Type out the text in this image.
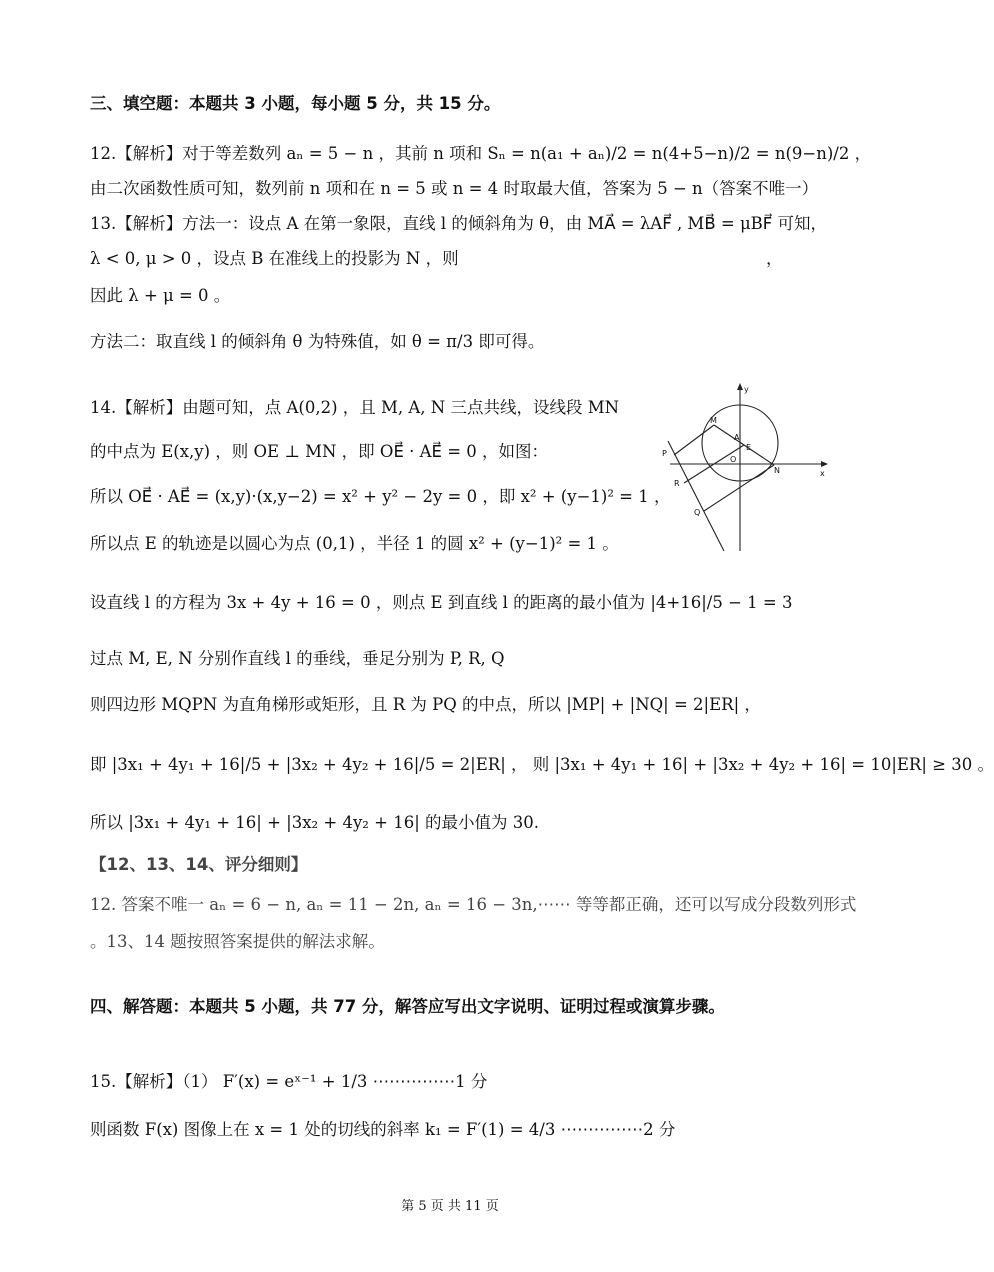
三、填空题：本题共 3 小题，每小题 5 分，共 15 分。
12.【解析】对于等差数列 aₙ = 5 − n ，其前 n 项和 Sₙ = n(a₁ + aₙ)/2 = n(4+5−n)/2 = n(9−n)/2 ，
由二次函数性质可知，数列前 n 项和在 n = 5 或 n = 4 时取最大值，答案为 5 − n（答案不唯一）
13.【解析】方法一：设点 A 在第一象限，直线 l 的倾斜角为 θ，由 MA⃗ = λAF⃗ , MB⃗ = μBF⃗ 可知，
λ < 0, μ > 0 ，设点 B 在准线上的投影为 N ，则	，
因此 λ + μ = 0 。
方法二：取直线 l 的倾斜角 θ 为特殊值，如 θ = π/3 即可得。
14.【解析】由题可知，点 A(0,2) ，且 M, A, N 三点共线，设线段 MN
的中点为 E(x,y) ，则 OE ⊥ MN ，即 OE⃗ · AE⃗ = 0 ，如图：
所以 OE⃗ · AE⃗ = (x,y)·(x,y−2) = x² + y² − 2y = 0 ，即 x² + (y−1)² = 1 ，
所以点 E 的轨迹是以圆心为点 (0,1) ，半径 1 的圆 x² + (y−1)² = 1 。
设直线 l 的方程为 3x + 4y + 16 = 0 ，则点 E 到直线 l 的距离的最小值为 |4+16|/5 − 1 = 3
过点 M, E, N 分别作直线 l 的垂线，垂足分别为 P, R, Q
则四边形 MQPN 为直角梯形或矩形，且 R 为 PQ 的中点，所以 |MP| + |NQ| = 2|ER| ，
即 |3x₁ + 4y₁ + 16|/5 + |3x₂ + 4y₂ + 16|/5 = 2|ER| ， 则 |3x₁ + 4y₁ + 16| + |3x₂ + 4y₂ + 16| = 10|ER| ≥ 30 。
所以 |3x₁ + 4y₁ + 16| + |3x₂ + 4y₂ + 16| 的最小值为 30.
【12、13、14、评分细则】
12. 答案不唯一 aₙ = 6 − n, aₙ = 11 − 2n, aₙ = 16 − 3n,⋯⋯ 等等都正确，还可以写成分段数列形式
。13、14 题按照答案提供的解法求解。
四、解答题：本题共 5 小题，共 77 分，解答应写出文字说明、证明过程或演算步骤。
15.【解析】（1） F′(x) = eˣ⁻¹ + 1/3 ⋯⋯⋯⋯⋯1 分
则函数 F(x) 图像上在 x = 1 处的切线的斜率 k₁ = F′(1) = 4/3 ⋯⋯⋯⋯⋯2 分
第 5 页 共 11 页
y
x
M
A
E
O
N
P
R
Q
